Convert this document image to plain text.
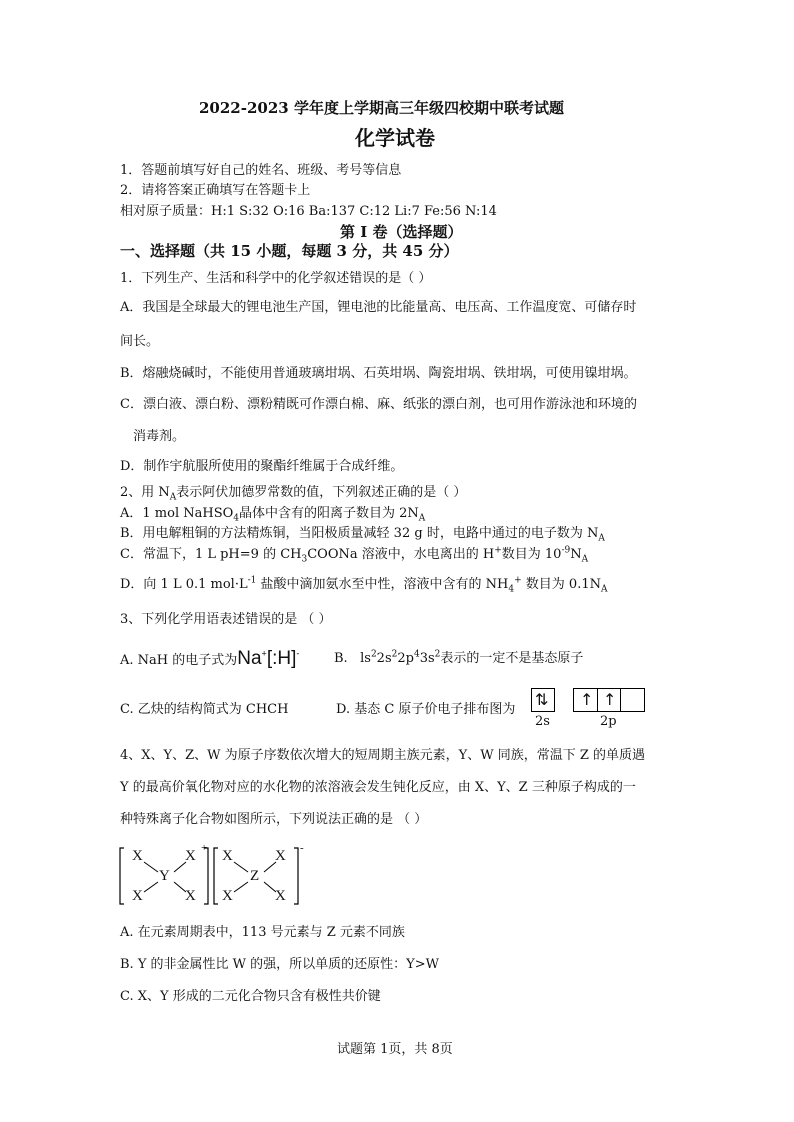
2022-2023 学年度上学期高三年级四校期中联考试题
化学试卷
1．答题前填写好自己的姓名、班级、考号等信息
2．请将答案正确填写在答题卡上
相对原子质量：H:1 S:32 O:16 Ba:137 C:12 Li:7 Fe:56 N:14
第 I 卷（选择题）
一、选择题（共 15 小题，每题 3 分，共 45 分）
1．下列生产、生活和科学中的化学叙述错误的是（ ）
A．我国是全球最大的锂电池生产国，锂电池的比能量高、电压高、工作温度宽、可储存时
间长。
B．熔融烧碱时，不能使用普通玻璃坩埚、石英坩埚、陶瓷坩埚、铁坩埚，可使用镍坩埚。
C．漂白液、漂白粉、漂粉精既可作漂白棉、麻、纸张的漂白剂，也可用作游泳池和环境的
消毒剂。
D．制作宇航服所使用的聚酯纤维属于合成纤维。
2、用 $N_A$表示阿伏加德罗常数的值，下列叙述正确的是（ ）
A．1 mol NaHSO$_4$晶体中含有的阳离子数目为 $2N_A$
B．用电解粗铜的方法精炼铜，当阳极质量减轻 32 g 时，电路中通过的电子数为 $N_A$
C．常温下，1 L pH=9 的 $CH_3COONa$ 溶液中，水电离出的 H+数目为 $10^{-9}N_A$
D．向 1 L 0.1 $mol\cdot L^{-1}$ 盐酸中滴加氨水至中性，溶液中含有的 $NH_4^+$ 数目为 $0.1N_A$
3、下列化学用语表述错误的是 （ ）
A. NaH 的电子式为Na+[:H]-	B. $ls^22s^22p^43s^2$表示的一定不是基态原子
C. 乙炔的结构简式为 CHCH	D. 基态 C 原子价电子排布图为
⇅ ↑ ↑
2s	2p
4、X、Y、Z、W 为原子序数依次增大的短周期主族元素，Y、W 同族，常温下 Z 的单质遇
Y 的最高价氧化物对应的水化物的浓溶液会发生钝化反应，由 X、Y、Z 三种原子构成的一
种特殊离子化合物如图所示，下列说法正确的是 （ ）
X	X
X	X
Y
+ X	X
X	X
Z
-
A. 在元素周期表中，113 号元素与 Z 元素不同族
B. Y 的非金属性比 W 的强，所以单质的还原性：Y>W
C. X、Y 形成的二元化合物只含有极性共价键
试题第 1页，共 8页
